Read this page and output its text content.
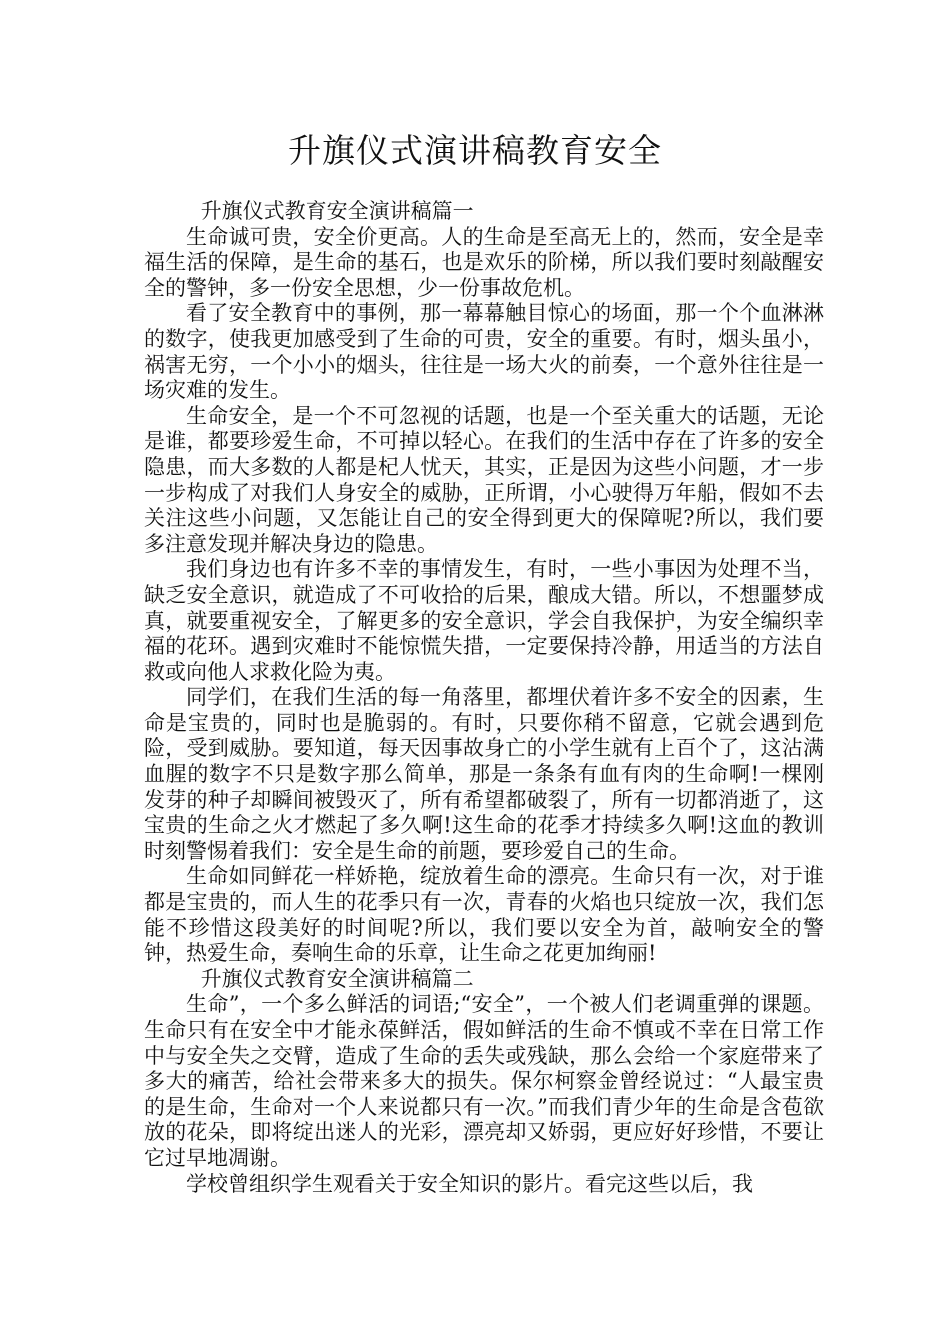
升旗仪式演讲稿教育安全

升旗仪式教育安全演讲稿篇一

生命诚可贵，安全价更高。人的生命是至高无上的，然而，安全是幸福生活的保障，是生命的基石，也是欢乐的阶梯，所以我们要时刻敲醒安全的警钟，多一份安全思想，少一份事故危机。

看了安全教育中的事例，那一幕幕触目惊心的场面，那一个个血淋淋的数字，使我更加感受到了生命的可贵，安全的重要。有时，烟头虽小，祸害无穷，一个小小的烟头，往往是一场大火的前奏，一个意外往往是一场灾难的发生。

生命安全，是一个不可忽视的话题，也是一个至关重大的话题，无论是谁，都要珍爱生命，不可掉以轻心。在我们的生活中存在了许多的安全隐患，而大多数的人都是杞人忧天，其实，正是因为这些小问题，才一步一步构成了对我们人身安全的威胁，正所谓，小心驶得万年船，假如不去关注这些小问题，又怎能让自己的安全得到更大的保障呢?所以，我们要多注意发现并解决身边的隐患。

我们身边也有许多不幸的事情发生，有时，一些小事因为处理不当，缺乏安全意识，就造成了不可收拾的后果，酿成大错。所以，不想噩梦成真，就要重视安全，了解更多的安全意识，学会自我保护，为安全编织幸福的花环。遇到灾难时不能惊慌失措，一定要保持冷静，用适当的方法自救或向他人求救化险为夷。

同学们，在我们生活的每一角落里，都埋伏着许多不安全的因素，生命是宝贵的，同时也是脆弱的。有时，只要你稍不留意，它就会遇到危险，受到威胁。要知道，每天因事故身亡的小学生就有上百个了，这沾满血腥的数字不只是数字那么简单，那是一条条有血有肉的生命啊!一棵刚发芽的种子却瞬间被毁灭了，所有希望都破裂了，所有一切都消逝了，这宝贵的生命之火才燃起了多久啊!这生命的花季才持续多久啊!这血的教训时刻警惕着我们：安全是生命的前题，要珍爱自己的生命。

生命如同鲜花一样娇艳，绽放着生命的漂亮。生命只有一次，对于谁都是宝贵的，而人生的花季只有一次，青春的火焰也只绽放一次，我们怎能不珍惜这段美好的时间呢?所以，我们要以安全为首，敲响安全的警钟，热爱生命，奏响生命的乐章，让生命之花更加绚丽!

升旗仪式教育安全演讲稿篇二

生命”，一个多么鲜活的词语;“安全”，一个被人们老调重弹的课题。生命只有在安全中才能永葆鲜活，假如鲜活的生命不慎或不幸在日常工作中与安全失之交臂，造成了生命的丢失或残缺，那么会给一个家庭带来了多大的痛苦，给社会带来多大的损失。保尔柯察金曾经说过：“人最宝贵的是生命，生命对一个人来说都只有一次。”而我们青少年的生命是含苞欲放的花朵，即将绽出迷人的光彩，漂亮却又娇弱，更应好好珍惜，不要让它过早地凋谢。

学校曾组织学生观看关于安全知识的影片。看完这些以后，我
